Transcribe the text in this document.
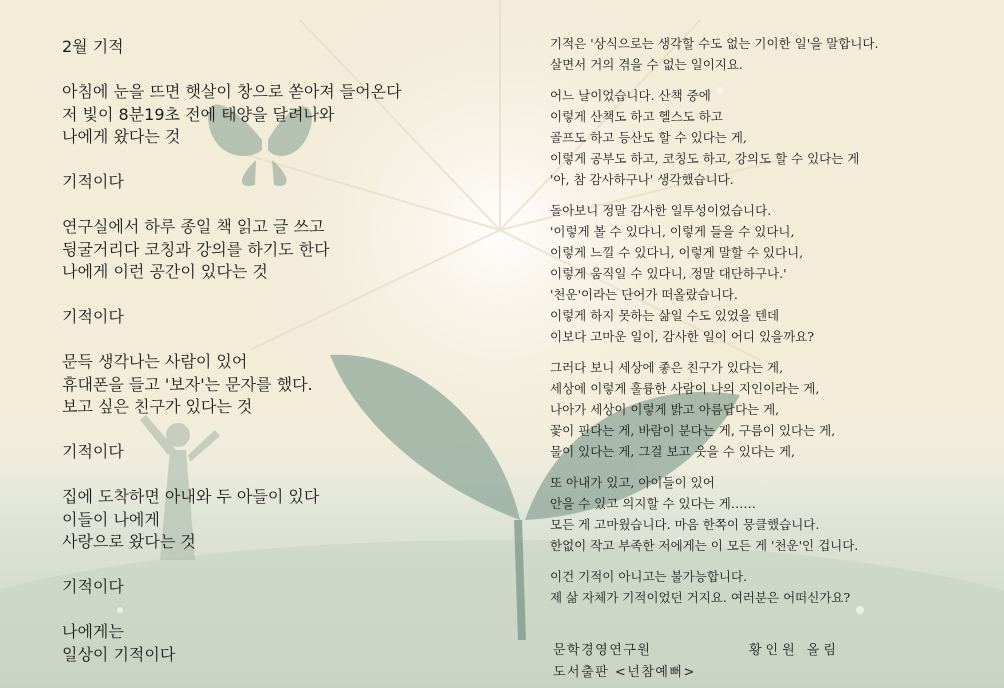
2월 기적
아침에 눈을 뜨면 햇살이 창으로 쏟아져 들어온다
저 빛이 8분19초 전에 태양을 달려나와
나에게 왔다는 것
기적이다
연구실에서 하루 종일 책 읽고 글 쓰고
뒹굴거리다 코칭과 강의를 하기도 한다
나에게 이런 공간이 있다는 것
기적이다
문득 생각나는 사람이 있어
휴대폰을 들고 '보자'는 문자를 했다.
보고 싶은 친구가 있다는 것
기적이다
집에 도착하면 아내와 두 아들이 있다
이들이 나에게
사랑으로 왔다는 것
기적이다
나에게는
일상이 기적이다
기적은 '상식으로는 생각할 수도 없는 기이한 일'을 말합니다.
살면서 거의 겪을 수 없는 일이지요.
어느 날이었습니다. 산책 중에
이렇게 산책도 하고 헬스도 하고
골프도 하고 등산도 할 수 있다는 게,
이렇게 공부도 하고, 코칭도 하고, 강의도 할 수 있다는 게
'아, 참 감사하구나' 생각했습니다.
돌아보니 정말 감사한 일투성이었습니다.
'이렇게 볼 수 있다니, 이렇게 들을 수 있다니,
이렇게 느낄 수 있다니, 이렇게 말할 수 있다니,
이렇게 움직일 수 있다니, 정말 대단하구나.'
'천운'이라는 단어가 떠올랐습니다.
이렇게 하지 못하는 삶일 수도 있었을 텐데
이보다 고마운 일이, 감사한 일이 어디 있을까요?
그러다 보니 세상에 좋은 친구가 있다는 게,
세상에 이렇게 훌륭한 사람이 나의 지인이라는 게,
나아가 세상이 이렇게 밝고 아름답다는 게,
꽃이 핀다는 게, 바람이 분다는 게, 구름이 있다는 게,
물이 있다는 게, 그걸 보고 웃을 수 있다는 게,
또 아내가 있고, 아이들이 있어
안을 수 있고 의지할 수 있다는 게……
모든 게 고마웠습니다. 마음 한쪽이 뭉클했습니다.
한없이 작고 부족한 저에게는 이 모든 게 '천운'인 겁니다.
이건 기적이 아니고는 불가능합니다.
제 삶 자체가 기적이었던 거지요. 여러분은 어떠신가요?
문학경영연구원
도서출판 <넌참예뻐>
황인원 올림
